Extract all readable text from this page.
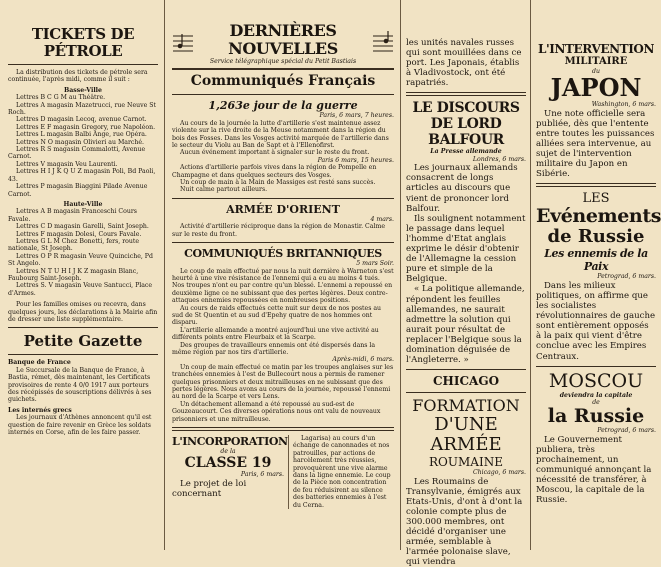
TICKETS DE PÉTROLE
La distribution des tickets de pétrole sera continuée, l'après midi, comme il suit :
Basse-Ville
Lettres B C G M au Théâtre.
Lettres A magasin Mazetrucci, rue Neuve St Roch.
Lettres D magasin Lecoq, avenue Carnot.
Lettres E F magasin Gregory, rue Napoléon.
Lettres L magasin Balbi Ange, rue Opéra.
Lettres N O magasin Olivieri au Marché.
Lettres R S magasin Commalotti, Avenue Carnot.
Lettres V magasin Veu Laurenti.
Lettres H I J K Q U Z magasin Poli, Bd Paoli, 43.
Lettres P magasin Biaggini Pilade Avenue Carnot.
Haute-Ville
Lettres A B magasin Franceschi Cours Favale.
Lettres C D magasin Garelli, Saint Joseph.
Lettres F magasin Dolesi, Cours Favale.
Lettres G L M Chez Bonetti, fers, route nationale, St Joseph.
Lettres O P R magasin Veuve Quinciche, Pd St Angelo.
Lettres N T U H I J K Z magasin Blanc, Faubourg Saint-Joseph.
Lettres S. V magasin Veuve Santucci, Place d'Armes.
Pour les familles omises ou recevra, dans quelques jours, les déclarations à la Mairie afin de dresser une liste supplémentaire.
Petite Gazette
Banque de France
Le Succursale de la Banque de France, à Bastia, rémet, dès maintenant, les Certificats provisoires de rente 4 0/0 1917 aux porteurs des récépissés de souscriptions délivrés à ses guichets.
Les internés grecs
Les journaux d'Athènes annoncent qu'il est question de faire revenir en Grèce les soldats internés en Corse, afin de les faire passer.
DERNIÈRES NOUVELLES
Service télégraphique spécial du Petit Bastiais
Communiqués Français
1,263e jour de la guerre
Paris, 6 mars, 7 heures.
Au cours de la journée la lutte d'artillerie s'est maintenue assez violente sur la rive droite de la Meuse notamment dans la région du bois des Fosses. Dans les Vosges activité marquée de l'artillerie dans le secteur du Violu au Ban de Sapt et à l'Ellenofirst.
Aucun événement important à signaler sur le reste du front.
Paris 6 mars, 15 heures.
Actions d'artillerie parfois vives dans la région de Pompelle en Champagne et dans quelques secteurs des Vosges.
Un coup de main à la Main de Massiges est resté sans succès.
Nuit calme partout ailleurs.
ARMÉE D'ORIENT
4 mars.
Activité d'artillerie réciproque dans la région de Monastir. Calme sur le reste du front.
COMMUNIQUÉS BRITANNIQUES
5 mars Soir.
Le coup de main effectué par nous la nuit dernière à Warneton s'est heurté à une vive résistance de l'ennemi qui a eu au moins 4 tués. Nos troupes n'ont eu par contre qu'un blessé. L'ennemi a repoussé en deuxième ligne ce ne subissant que des pertes légères. Deux contre-attaques ennemies repoussées en nombreuses positions.
Au cours de raids effectués cette nuit sur deux de nos postes au sud de St Quentin et au sud d'Epehy quatre de nos hommes ont disparu.
L'artillerie allemande a montré aujourd'hui une vive activité au différents points entre Fleurbaix et la Scarpe.
Des groupes de travailleurs ennemis ont été dispersés dans la même région par nos tirs d'artillerie.
Après-midi, 6 mars.
Un coup de main effectué ce matin par les troupes anglaises sur les tranchées ennemies à l'est de Bullecourt nous a permis de ramener quelques prisonniers et deux mitrailleuses en ne subissant que des pertes légères. Nous avons au cours de la journée, repoussé l'ennemi au nord de la Scarpe et vers Lens.
Un détachement allemand a été repoussé au sud-est de Gouzeaucourt. Ces diverses opérations nous ont valu de nouveaux prisonniers et une mitrailleuse.
L'INCORPORATION
de la
CLASSE 19
Paris, 6 mars.
Le projet de loi concernant
Lagarisa) au cours d'un échange de canonnades et nos patrouilles, par actions de harcèlement très réussies, provoquèrent une vive alarme dans la ligne ennemie. Le coup de la Pièce non concentration de feu réduisirent au silence des batteries ennemies à l'est du Cerna.
les unités navales russes qui sont mouillées dans ce port. Les Japonais, établis à Vladivostock, ont été rapatriés.
LE DISCOURS
DE LORD BALFOUR
La Presse allemande
Londres, 6 mars.
Les journaux allemands consacrent de longs articles au discours que vient de prononcer lord Balfour.
Ils soulignent notamment le passage dans lequel l'homme d'Etat anglais exprime le désir d'obtenir de l'Allemagne la cession pure et simple de la Belgique.
« La politique allemande, répondent les feuilles allemandes, ne saurait admettre la solution qui aurait pour résultat de replacer l'Belgique sous la domination déguisée de l'Angleterre. »
CHICAGO
FORMATION
D'UNE ARMÉE
ROUMAINE
Chicago, 6 mars.
Les Roumains de Transylvanie, émigrés aux Etats-Unis, d'ont à d'ont la colonie compte plus de 300.000 membres, ont décidé d'organiser une armée, semblable à l'armée polonaise slave, qui viendra
L'INTERVENTION
MILITAIRE
du
JAPON
Washington, 6 mars.
Une note officielle sera publiée, dès que l'entente entre toutes les puissances alliées sera intervenue, au sujet de l'intervention militaire du Japon en Sibérie.
LES
Evénements
de Russie
Les ennemis de la Paix
Petrograd, 6 mars.
Dans les milieux politiques, on affirme que les socialistes révolutionnaires de gauche sont entièrement opposés à la paix qui vient d'être conclue avec les Empires Centraux.
MOSCOU
deviendra la capitale
de
la Russie
Petrograd, 6 mars.
Le Gouvernement publiera, très prochainement, un communiqué annonçant la nécessité de transférer, à Moscou, la capitale de la Russie.
